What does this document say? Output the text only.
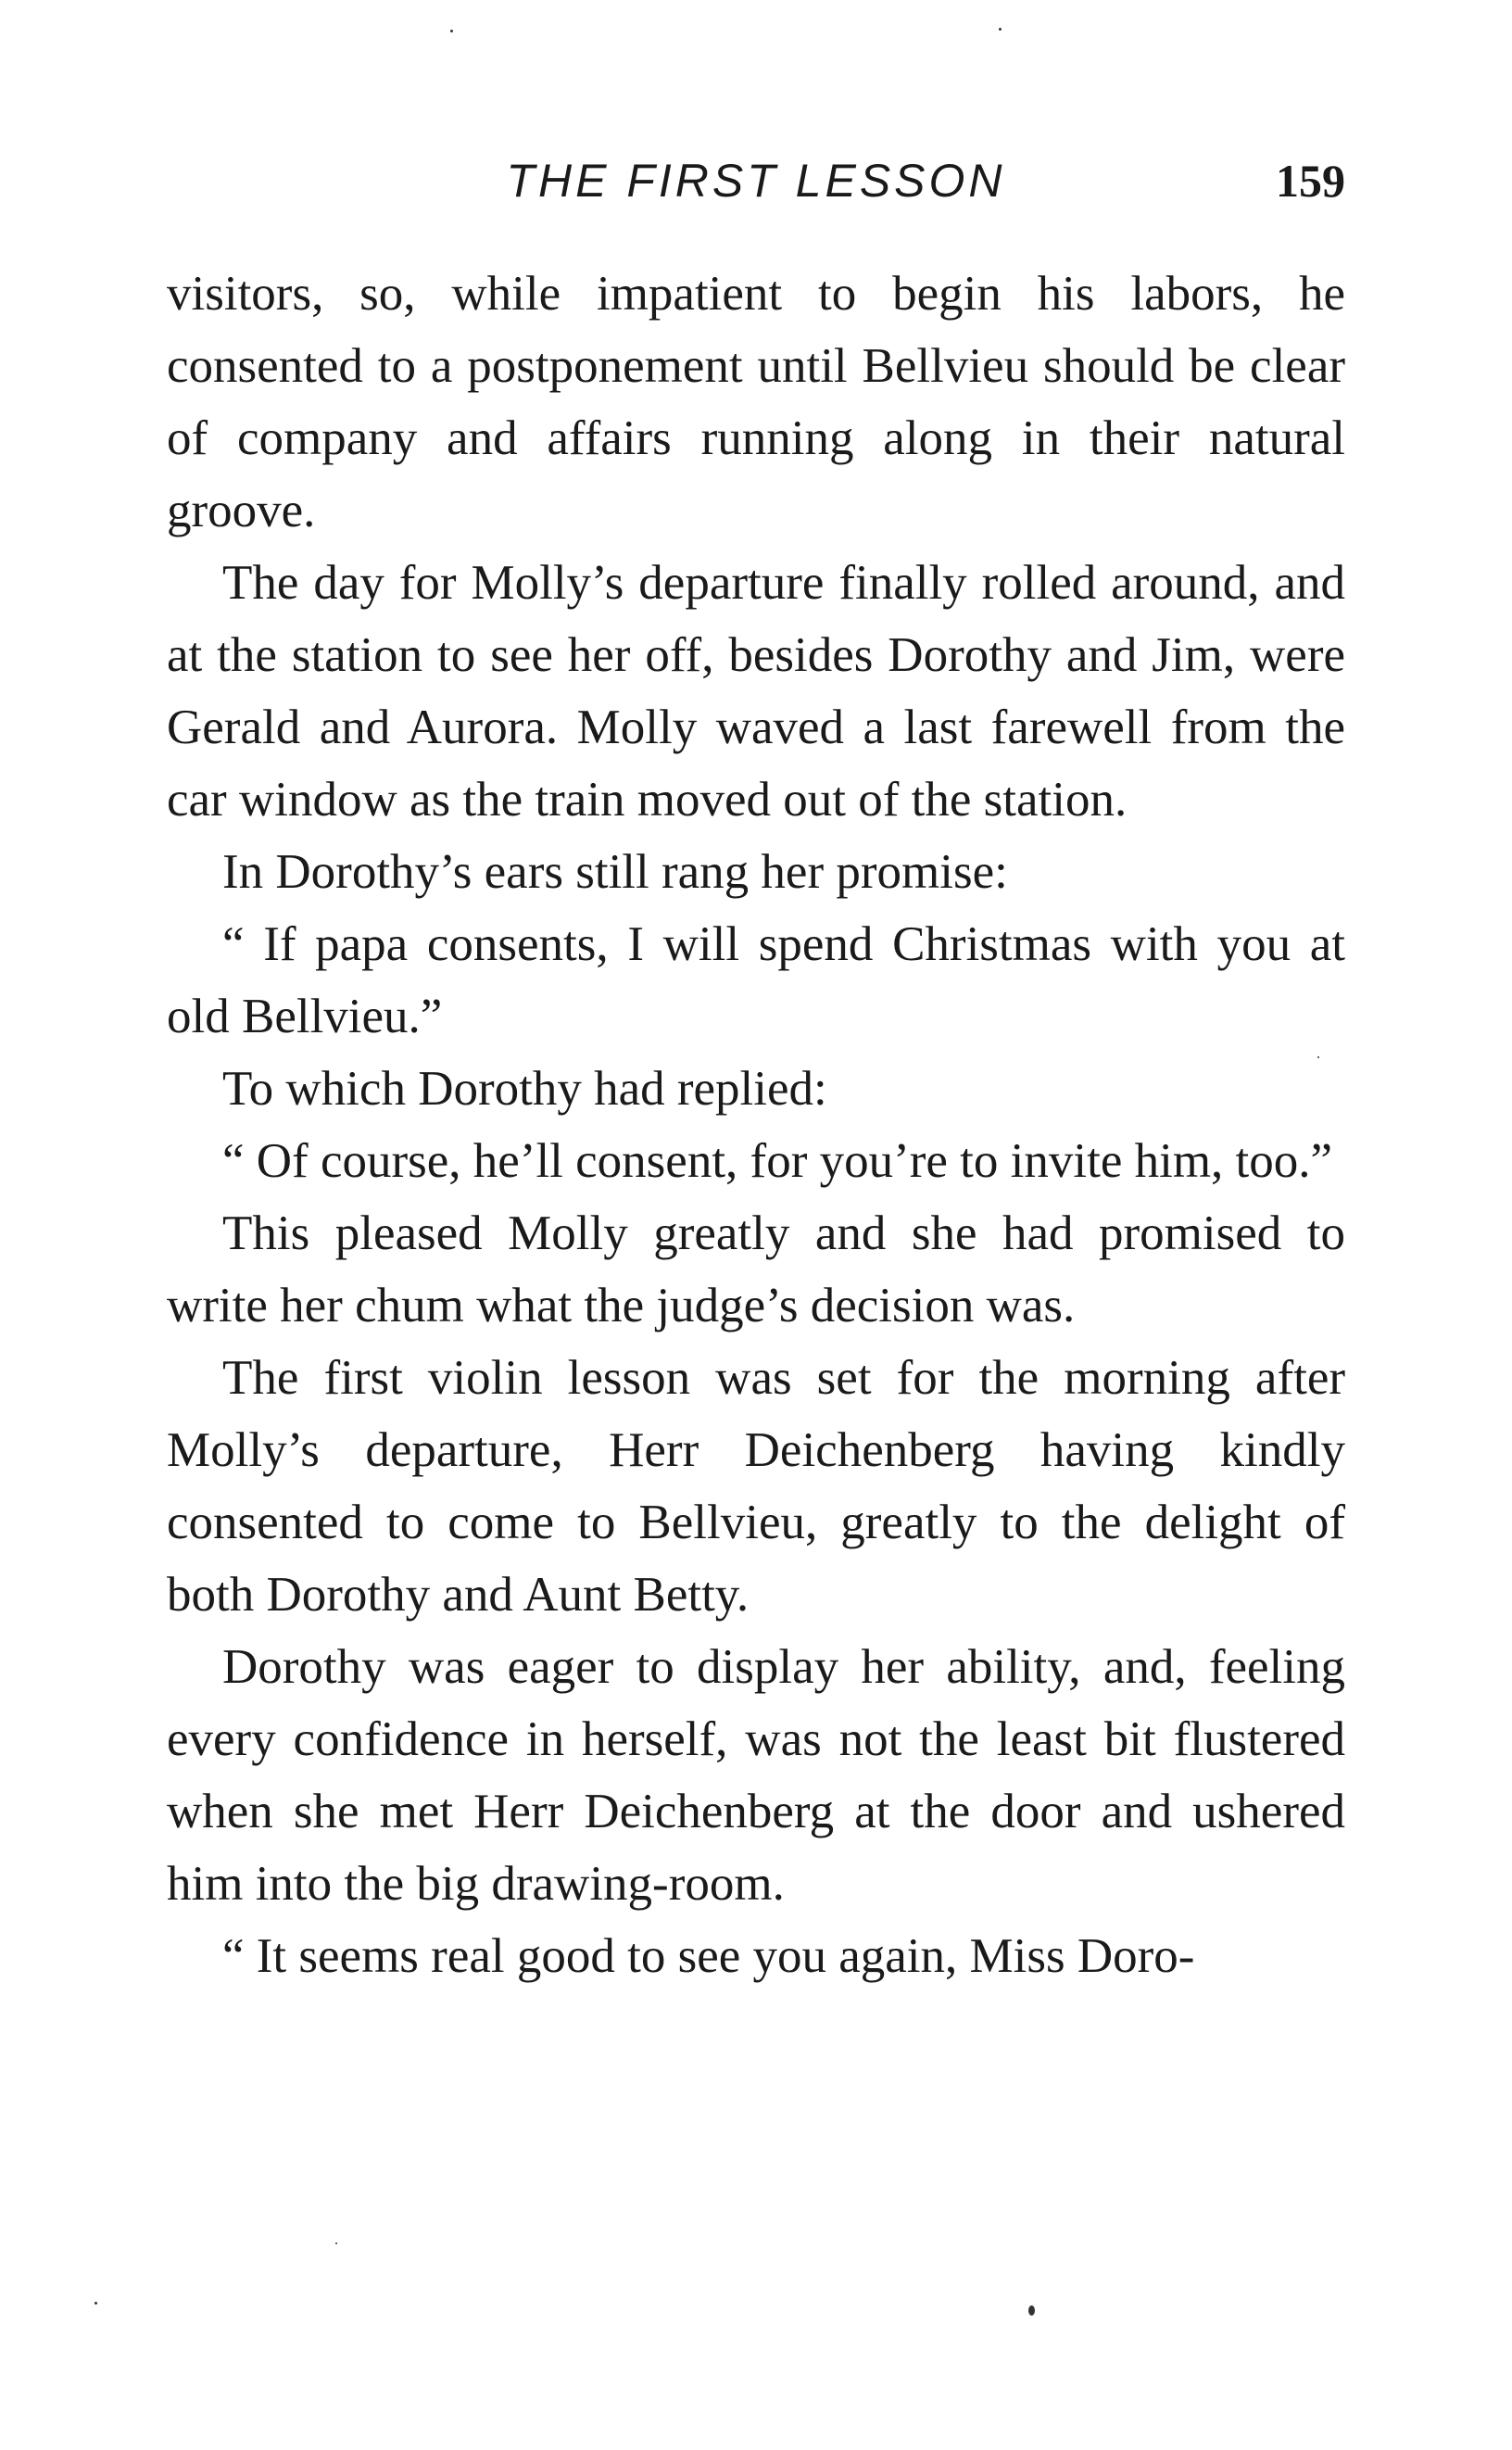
THE FIRST LESSON	159

visitors, so, while impatient to begin his labors, he consented to a postponement until Bellvieu should be clear of company and affairs running along in their natural groove.

The day for Molly’s departure finally rolled around, and at the station to see her off, besides Dorothy and Jim, were Gerald and Aurora. Molly waved a last farewell from the car window as the train moved out of the station.

In Dorothy’s ears still rang her promise:

“ If papa consents, I will spend Christmas with you at old Bellvieu.”

To which Dorothy had replied:

“ Of course, he’ll consent, for you’re to invite him, too.”

This pleased Molly greatly and she had promised to write her chum what the judge’s decision was.

The first violin lesson was set for the morning after Molly’s departure, Herr Deichenberg having kindly consented to come to Bellvieu, greatly to the delight of both Dorothy and Aunt Betty.

Dorothy was eager to display her ability, and, feeling every confidence in herself, was not the least bit flustered when she met Herr Deichenberg at the door and ushered him into the big drawing-room.

“ It seems real good to see you again, Miss Doro-
